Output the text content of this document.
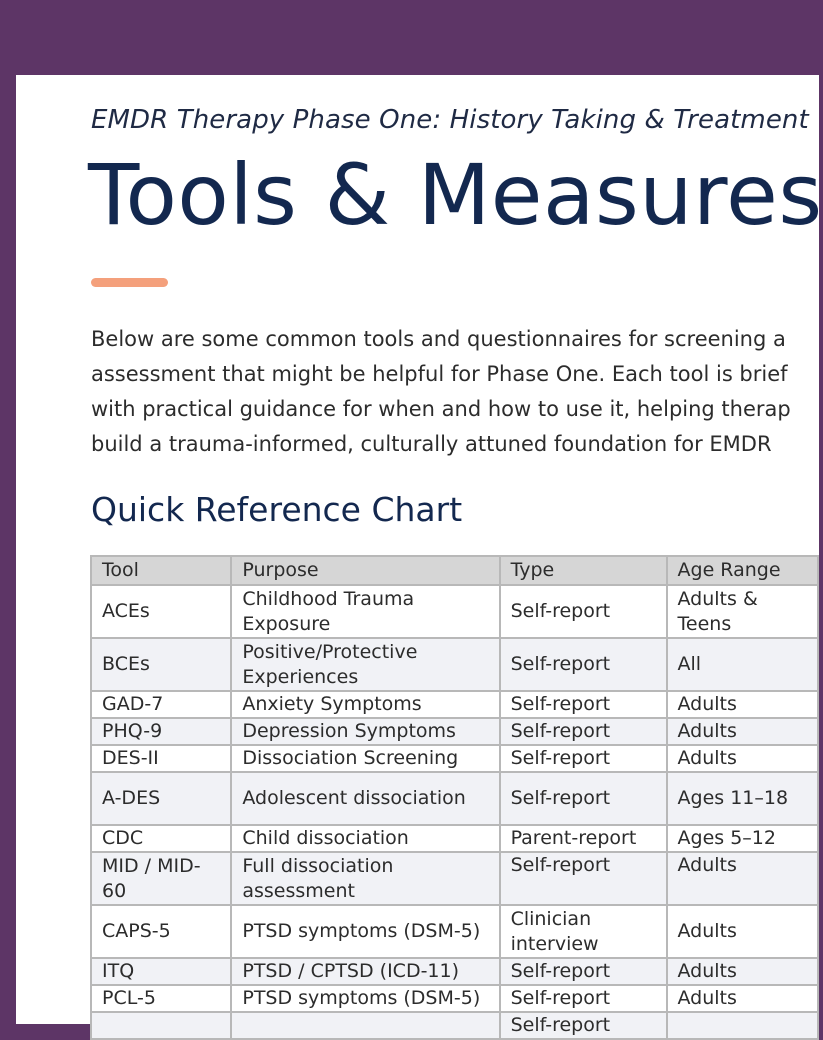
EMDR Therapy Phase One: History Taking & Treatment
Tools & Measures
Below are some common tools and questionnaires for screening a
assessment that might be helpful for Phase One. Each tool is brief
with practical guidance for when and how to use it, helping therap
build a trauma-informed, culturally attuned foundation for EMDR
Quick Reference Chart
Tool	Purpose	Type	Age Range
ACEs	Childhood Trauma Exposure	Self-report	Adults & Teens
BCEs	Positive/Protective Experiences	Self-report	All
GAD-7	Anxiety Symptoms	Self-report	Adults
PHQ-9	Depression Symptoms	Self-report	Adults
DES-II	Dissociation Screening	Self-report	Adults
A-DES	Adolescent dissociation	Self-report	Ages 11–18
CDC	Child dissociation	Parent-report	Ages 5–12
MID / MID-60	Full dissociation assessment	Self-report	Adults
CAPS-5	PTSD symptoms (DSM-5)	Clinician interview	Adults
ITQ	PTSD / CPTSD (ICD-11)	Self-report	Adults
PCL-5	PTSD symptoms (DSM-5)	Self-report	Adults
		Self-report	
